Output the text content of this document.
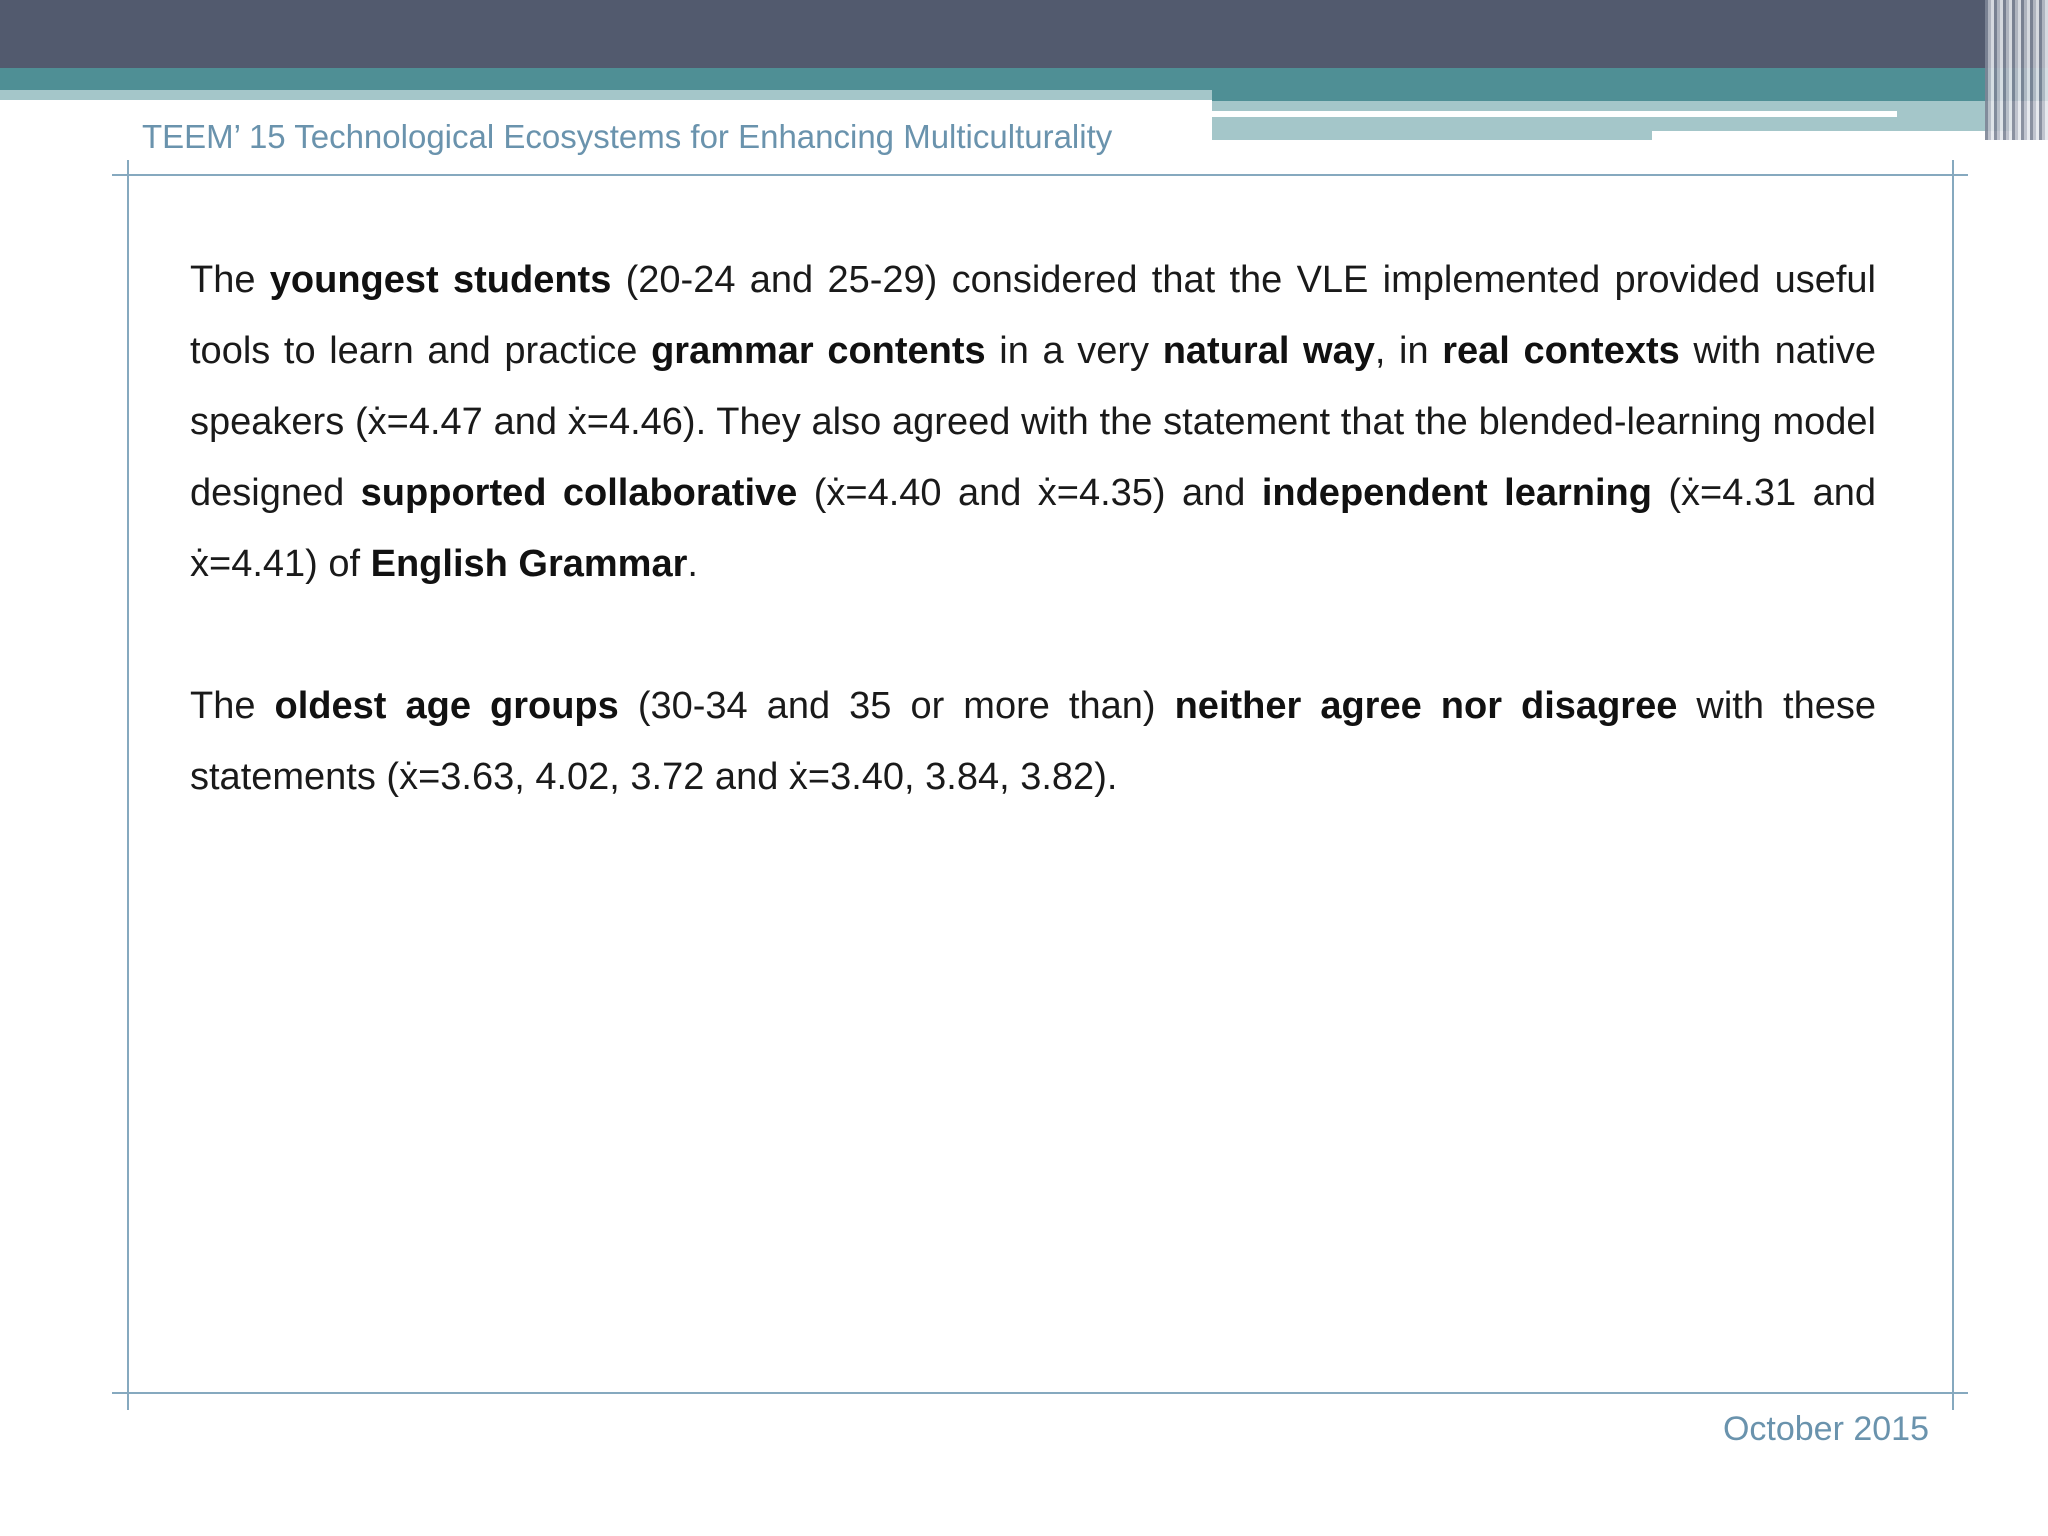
TEEM’ 15 Technological Ecosystems for Enhancing Multiculturality

The youngest students (20-24 and 25-29) considered that the VLE implemented provided useful tools to learn and practice grammar contents in a very natural way, in real contexts with native speakers (ẋ=4.47 and ẋ=4.46). They also agreed with the statement that the blended-learning model designed supported collaborative (ẋ=4.40 and ẋ=4.35) and independent learning (ẋ=4.31 and ẋ=4.41) of English Grammar.

The oldest age groups (30-34 and 35 or more than) neither agree nor disagree with these statements (ẋ=3.63, 4.02, 3.72 and ẋ=3.40, 3.84, 3.82).

October 2015
